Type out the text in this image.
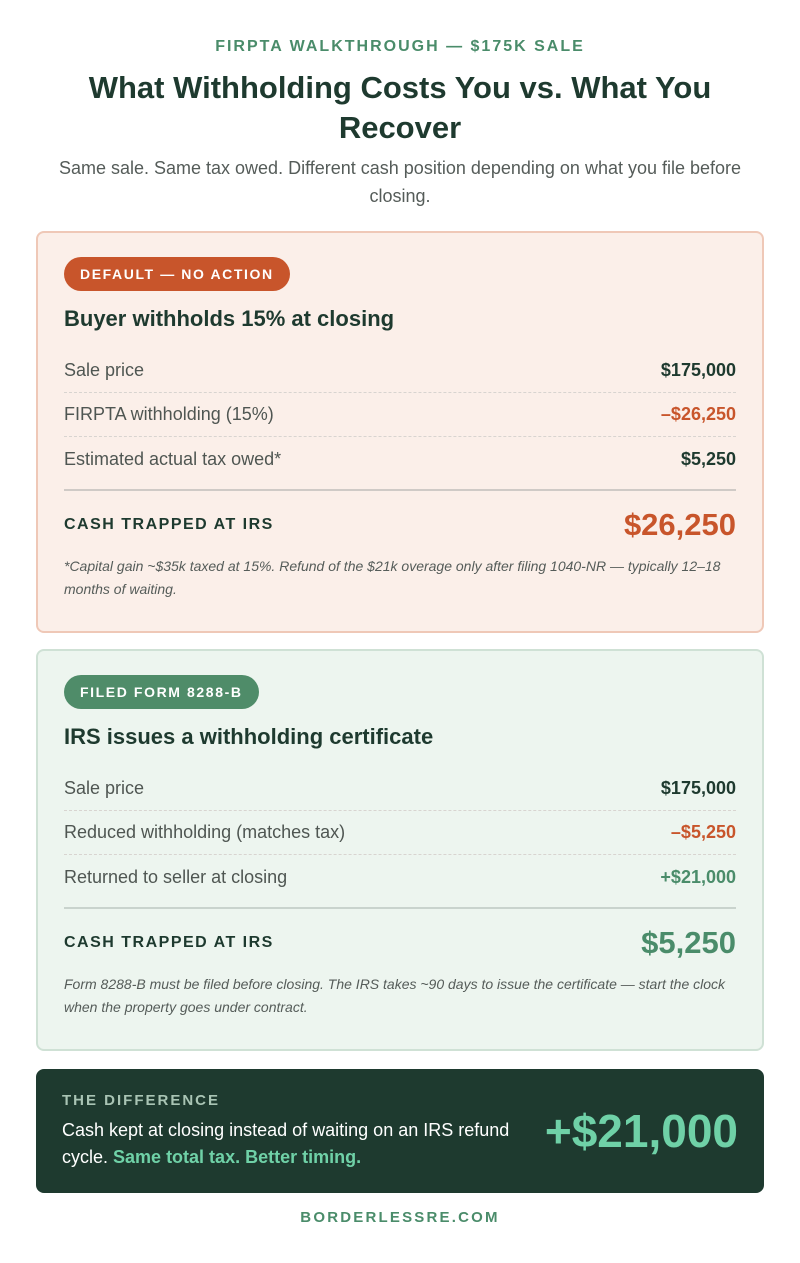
FIRPTA WALKTHROUGH — $175K SALE
What Withholding Costs You vs. What You Recover

Same sale. Same tax owed. Different cash position depending on what you file before closing.

DEFAULT — NO ACTION
Buyer withholds 15% at closing
Sale price	$175,000
FIRPTA withholding (15%)	–$26,250
Estimated actual tax owed*	$5,250
CASH TRAPPED AT IRS	$26,250

*Capital gain ~$35k taxed at 15%. Refund of the $21k overage only after filing 1040-NR — typically 12–18 months of waiting.

FILED FORM 8288-B
IRS issues a withholding certificate
Sale price	$175,000
Reduced withholding (matches tax)	–$5,250
Returned to seller at closing	+$21,000
CASH TRAPPED AT IRS	$5,250

Form 8288-B must be filed before closing. The IRS takes ~90 days to issue the certificate — start the clock when the property goes under contract.

THE DIFFERENCE

Cash kept at closing instead of waiting on an IRS refund cycle. Same total tax. Better timing.	+$21,000
BORDERLESSRE.COM
